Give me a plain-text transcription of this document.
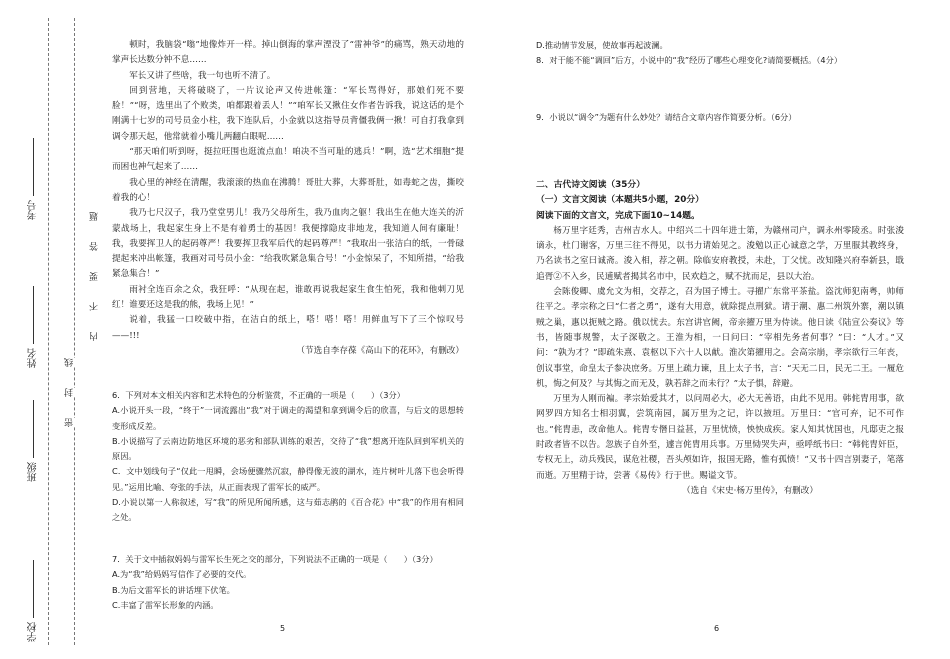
考号
姓名
班级
学校
密
封
线
题
答
要
不
内

顿时，我脑袋“嗡”地像炸开一样。掉山倒海的掌声湮没了“雷神爷”的痛骂，熟天动地的掌声长达数分钟不息……

军长又讲了些啥，我一句也听不清了。

回到营地，天将破晓了，一片议论声又传进帐篷：“军长骂得好，那娘们死不要脸！”“呀，选里出了个败类，咱都跟着丢人！”“咱军长又揪住女作者告诉我，说这话的是个刚满十七岁的司号员金小柱，我下连队后，小金就以这指导员背僵我俩一揪！可自打我拿到调令那天起，他常就着小嘴儿两翻白眼呢……

“那天咱们听到呀，挺拉旺围也逛流点血！咱决不当可耻的逃兵！”啊，选“艺术细胞”提而困也神气起来了……

我心里的神经在清醒，我滚滚的热血在沸腾！哥肚大葬，大葬哥肚，如毒蛇之齿，撕咬着我的心！

我乃七尺汉子，我乃堂堂男儿！我乃父母所生，我乃血肉之躯！我出生在他大连关的沂蒙战场上，我起家生身上不是有着勇士的基因！我便撑隐皮非地龙，我知道人间有廉耻！我，我要挥卫人的起码尊严！我要挥卫我军后代的起码尊严！”我取出一张洁白的纸，一骨碌提起来冲出帐篷，我画对司号员小金：“给我吹紧急集合号！”小金惊呆了，不知所措，“给我紧急集合！”

雨衬全连百余之众，我狂呼：“从现在起，谁敢再说我起家生食生怕死，我和他刺刀见红！谁要还这是我的熊，我场上见！”

说着，我猛一口咬破中指，在洁白的纸上，嗒！嗒！嗒！用鲜血写下了三个惊叹号——!!!

（节选自李存葆《高山下的花环》，有删改）

6．下列对本文相关内容和艺术特色的分析鉴赏，不正确的一项是（　　）（3分）

A.小说开头一段，“终于”一词流露出“我”对于调走的渴望和拿到调令后的欣喜，与后文的思想转变形成反差。

B.小说描写了云南边防地区环境的恶劣和部队训练的艰苦，交待了“我”想离开连队回到军机关的原因。

C．文中划线句子“仅此一甩瞬，会场便骤然沉寂，静得像无波的湖水，连片树叶儿落下也会听得见。”运用比喻、夸张的手法，从正面表现了雷军长的威严。

D.小说以第一人称叙述，写“我”的所见所闻所感，这与茹志鹃的《百合花》中“我”的作用有相同之处。

7．关于文中插叙妈妈与雷军长生死之交的部分，下列说法不正确的一项是（　　）（3分）

A.为“我”给妈妈写信作了必要的交代。

B.为后文雷军长的讲话埋下伏笔。

C.丰富了雷军长形象的内涵。

5

D.推动情节发展，使故事再起波澜。

8．对于能不能“调回”后方，小说中的“我”经历了哪些心理变化?请简要概括。（4分）

9．小说以“调令”为题有什么妙处？请结合文章内容作简要分析。（6分）

二、古代诗文阅读（35分）

（一）文言文阅读（本题共5小题，20分）

阅读下面的文言文，完成下面10~14题。

杨万里字廷秀，吉州吉水人。中绍兴二十四年进士第，为赣州司户，调永州零陵丞。时张浚谪永，杜门谢客，万里三往不得见，以书力请始见之。浚勉以正心诚意之学，万里服其教终身，乃名读书之室曰诚斋。浚入相，荐之朝。除临安府教授，未赴，丁父忧。改知隆兴府奉新县，戢追胥②不入乡，民逋赋者揭其名市中，民欢趋之，赋不扰而足，县以大治。

会陈俊卿、虞允文为相，交荐之，召为国子博士。寻擢广东常平茶盐。盗沈师犯南粤，帅师往平之。孝宗称之曰“仁者之勇”，遂有大用意，就除提点刑狱。请于潮、惠二州筑外寨，潮以镇贼之巢，惠以扼贼之路。俄以忧去。东宫讲官阙，帝亲擢万里为侍读。他日读《陆宣公奏议》等书，皆随事规警，太子深敬之。王淮为相，一日问曰：“宰相先务者何事？”曰：“人才。”又问：“孰为才？”即疏朱熹、袁枢以下六十人以献。淮次第擢用之。会高宗崩，孝宗欲行三年丧，创议事堂，命皇太子参决庶务。万里上疏力谏，且上太子书，言：“天无二日，民无二王。一履危机，悔之何及？与其悔之而无及，孰若辞之而未行？”太子惧，辞避。

万里为人刚而褊。孝宗始爱其才，以问周必大，必大无善语，由此不见用。韩侂胄用事，欲网罗四方知名士相羽翼，尝筑南园，属万里为之记，许以掖垣。万里曰：“官可弃，记不可作也。”侂胄恚，改命他人。侂胄专僭日益甚，万里忧愤，怏怏成疾。家人知其忧国也，凡邸吏之报时政者皆不以告。忽族子自外至，遽言侂胄用兵事。万里恸哭失声，亟呼纸书曰：“韩侂胄奸臣，专权无上，动兵残民，谋危社稷，吾头颅如许，报国无路，惟有孤愤！”又书十四言别妻子，笔落而逝。万里精于诗，尝著《易传》行于世。赐谥文节。

（选自《宋史·杨万里传》，有删改）

6
